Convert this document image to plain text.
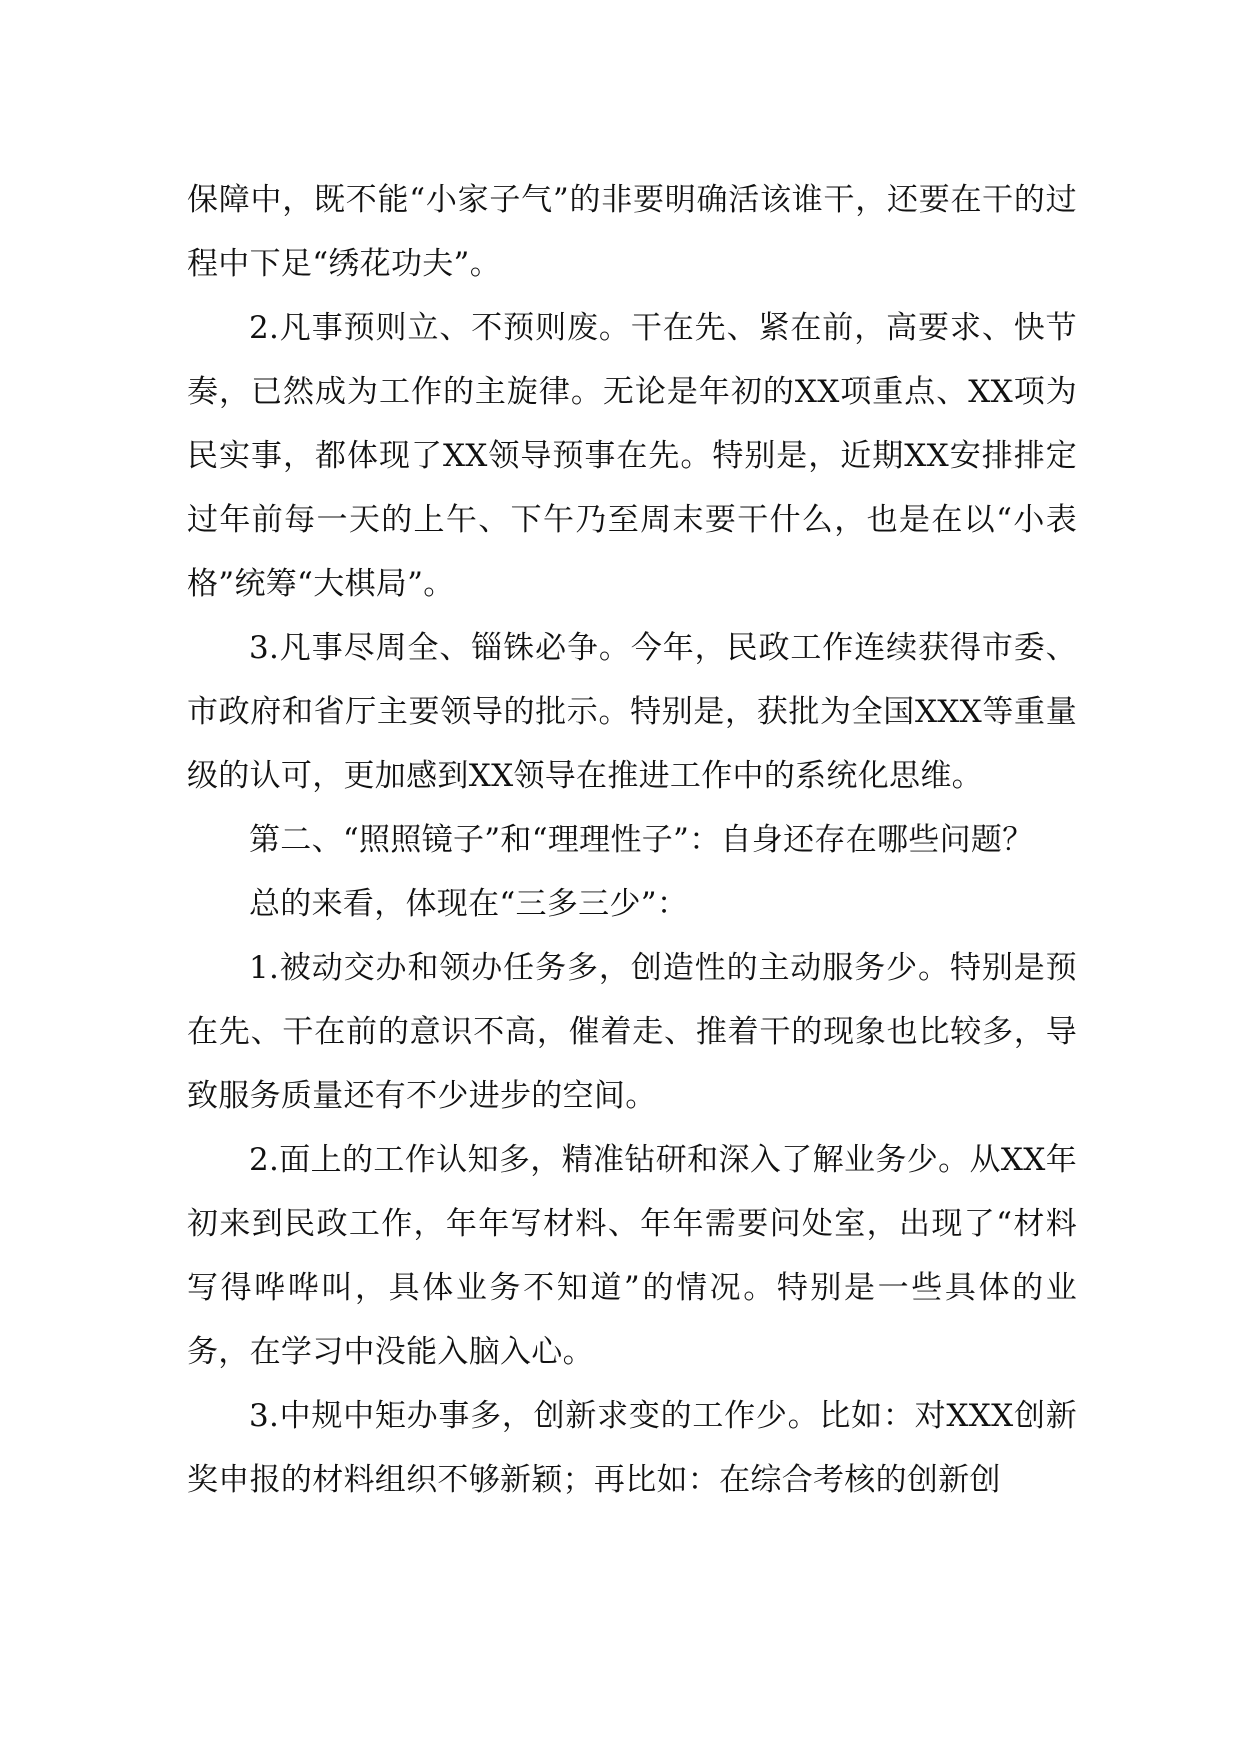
保障中，既不能“小家子气”的非要明确活该谁干，还要在干的过程中下足“绣花功夫”。

2.凡事预则立、不预则废。干在先、紧在前，高要求、快节奏，已然成为工作的主旋律。无论是年初的XX项重点、XX项为民实事，都体现了XX领导预事在先。特别是，近期XX安排排定过年前每一天的上午、下午乃至周末要干什么，也是在以“小表格”统筹“大棋局”。

3.凡事尽周全、锱铢必争。今年，民政工作连续获得市委、市政府和省厅主要领导的批示。特别是，获批为全国XXX等重量级的认可，更加感到XX领导在推进工作中的系统化思维。

第二、“照照镜子”和“理理性子”：自身还存在哪些问题？

总的来看，体现在“三多三少”：

1.被动交办和领办任务多，创造性的主动服务少。特别是预在先、干在前的意识不高，催着走、推着干的现象也比较多，导致服务质量还有不少进步的空间。

2.面上的工作认知多，精准钻研和深入了解业务少。从XX年初来到民政工作，年年写材料、年年需要问处室，出现了“材料写得哗哗叫，具体业务不知道”的情况。特别是一些具体的业务，在学习中没能入脑入心。

3.中规中矩办事多，创新求变的工作少。比如：对XXX创新奖申报的材料组织不够新颖；再比如：在综合考核的创新创
